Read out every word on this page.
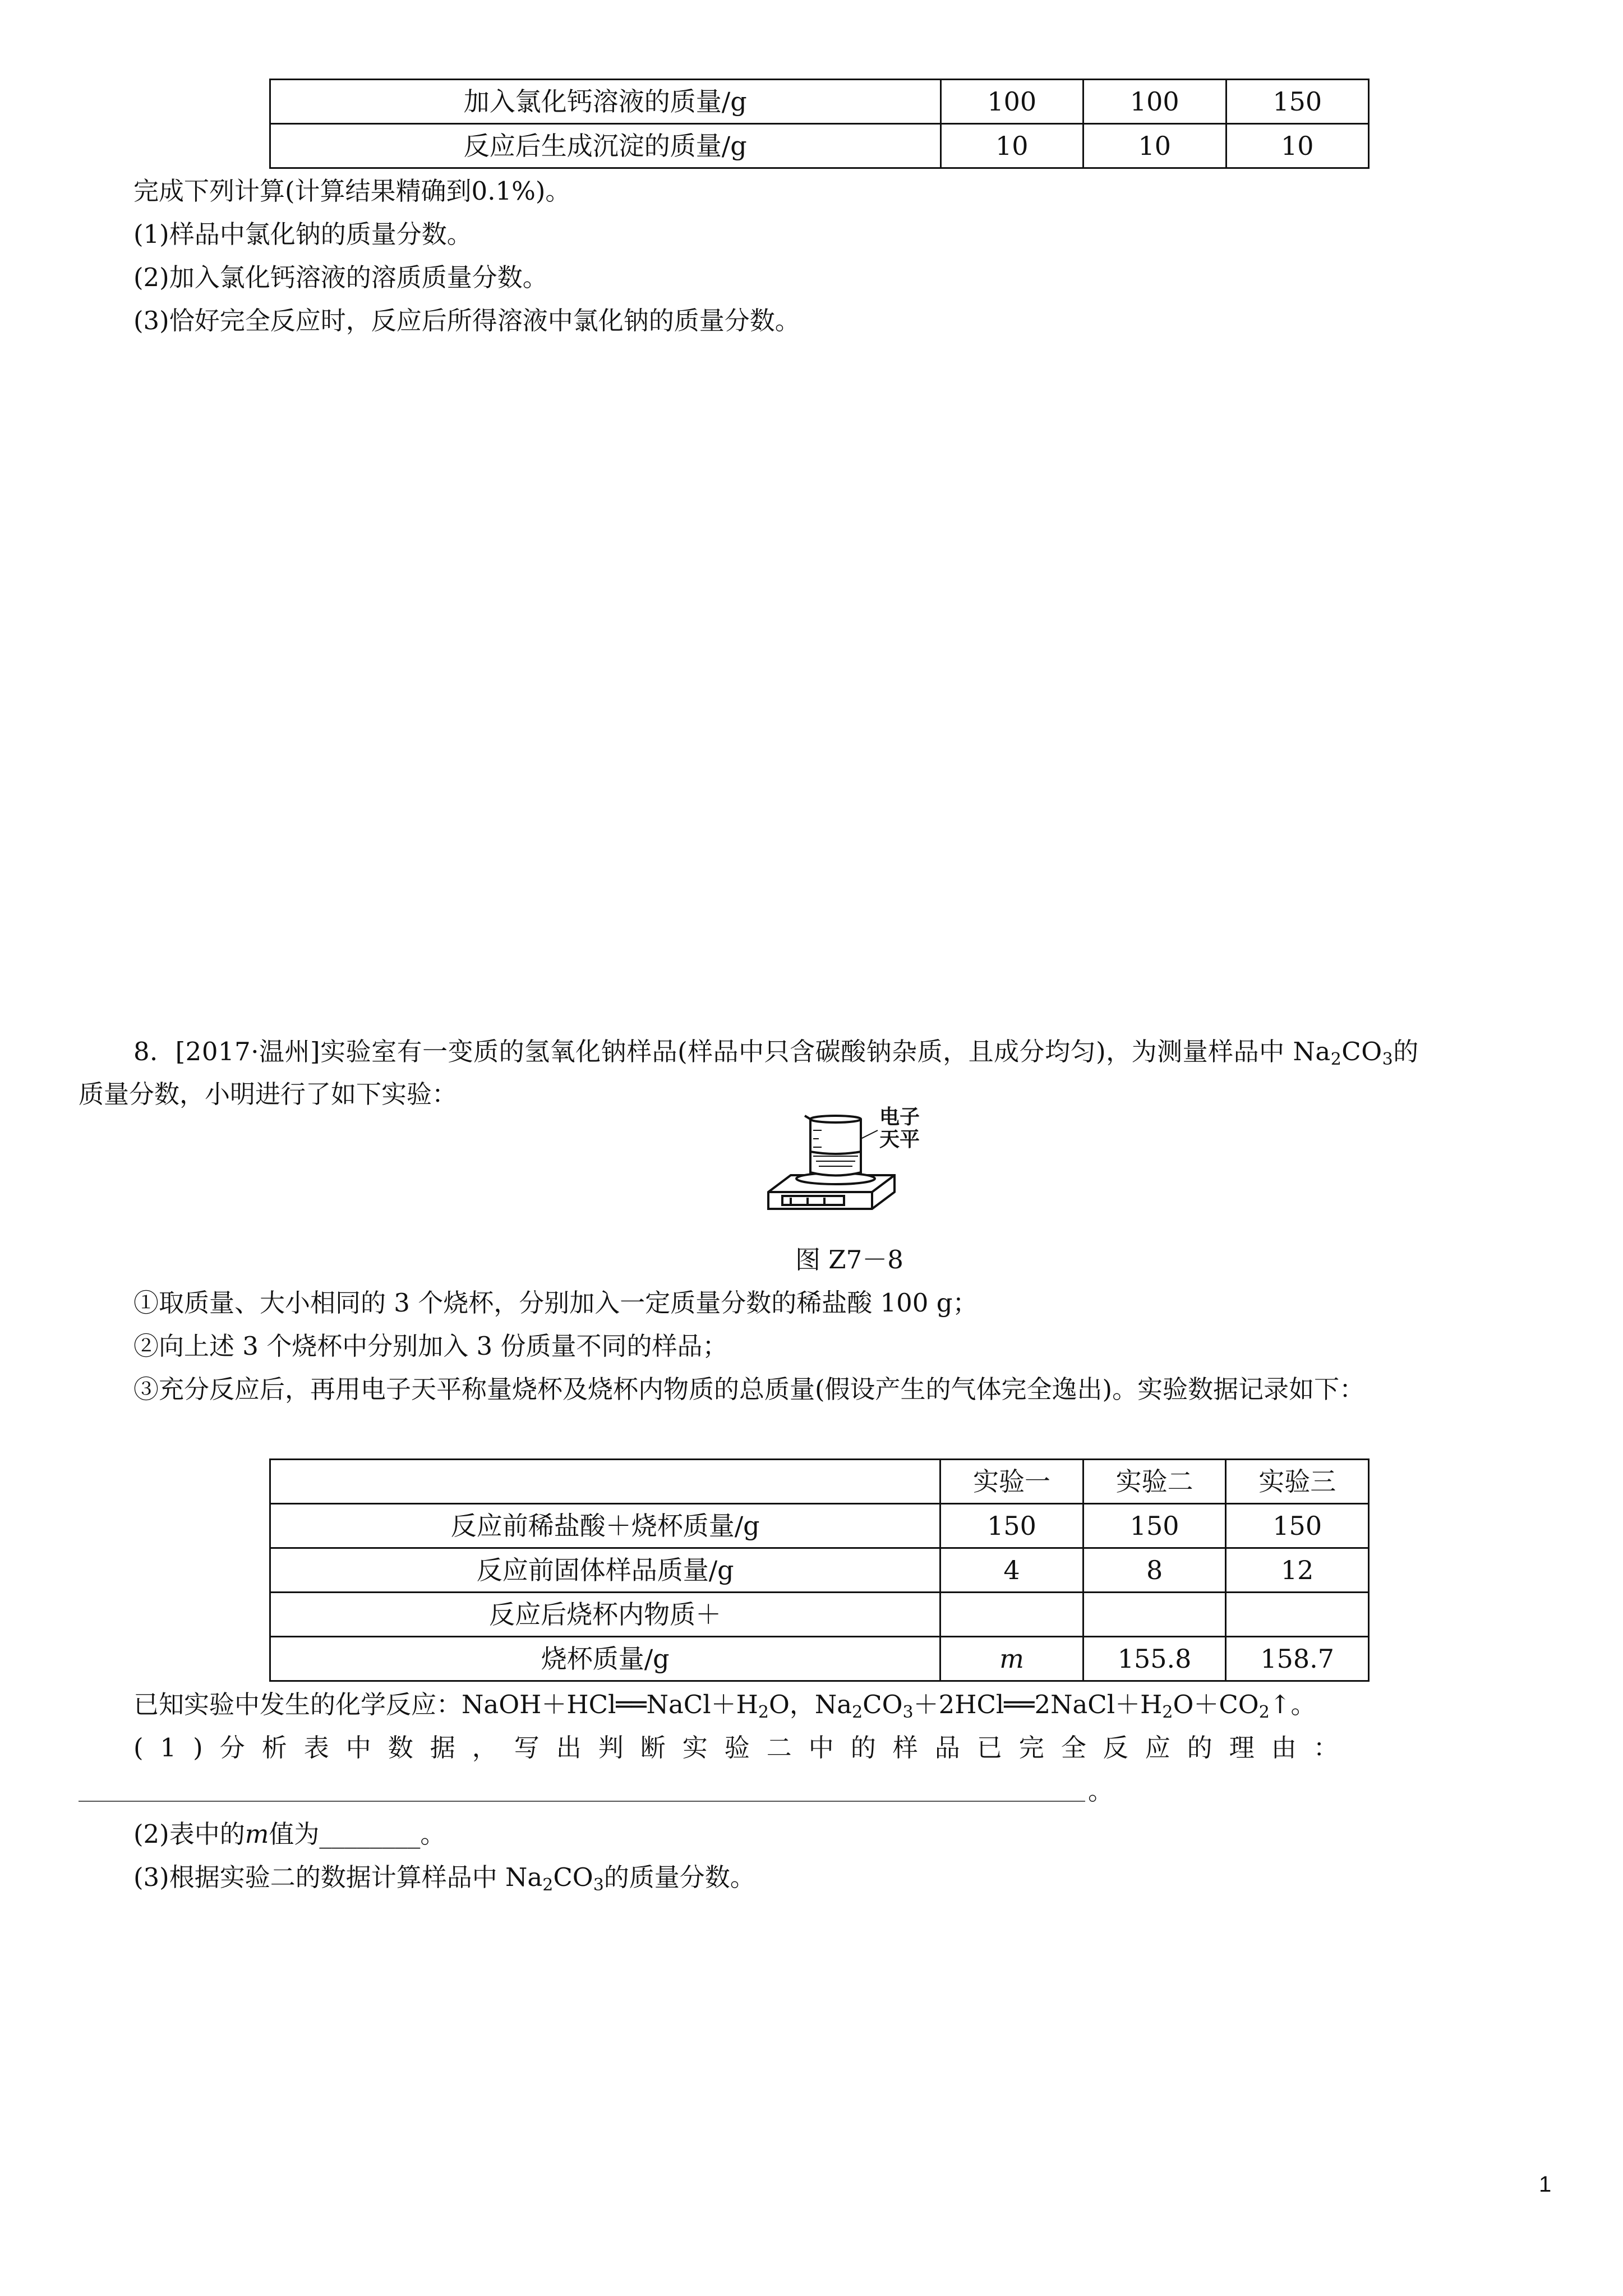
加入氯化钙溶液的质量/g	100	100	150
反应后生成沉淀的质量/g	10	10	10
完成下列计算(计算结果精确到0.1%)。
(1)样品中氯化钠的质量分数。
(2)加入氯化钙溶液的溶质质量分数。
(3)恰好完全反应时，反应后所得溶液中氯化钠的质量分数。
8．[2017·温州]实验室有一变质的氢氧化钠样品(样品中只含碳酸钠杂质，且成分均匀)，为测量样品中 $Na_2CO_3$的
质量分数，小明进行了如下实验：
电子
天平
图 Z7－8
①取质量、大小相同的 3 个烧杯，分别加入一定质量分数的稀盐酸 100 g；
②向上述 3 个烧杯中分别加入 3 份质量不同的样品；
③充分反应后，再用电子天平称量烧杯及烧杯内物质的总质量(假设产生的气体完全逸出)。实验数据记录如下：
	实验一	实验二	实验三
反应前稀盐酸＋烧杯质量/g	150	150	150
反应前固体样品质量/g	4	8	12
反应后烧杯内物质＋			
烧杯质量/g	m	155.8	158.7
已知实验中发生的化学反应：$NaOH+HCl══NaCl+H_2O$，$Na_2CO_3+2HCl══2NaCl+H_2O+CO_2↑$。
(1)分析表中数据，写出判断实验二中的样品已完全反应的理由：
。
(2)表中的m值为________。
(3)根据实验二的数据计算样品中 $Na_2CO_3$的质量分数。
1
